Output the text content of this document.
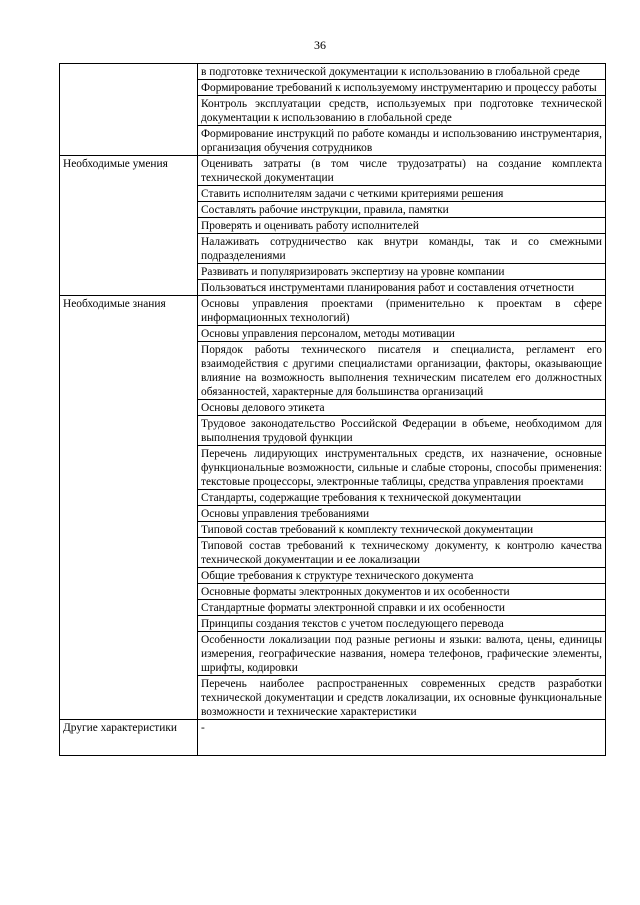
36
	в подготовке технической документации к использованию в глобальной среде
	Формирование требований к используемому инструментарию и процессу работы
	Контроль эксплуатации средств, используемых при подготовке технической документации к использованию в глобальной среде
	Формирование инструкций по работе команды и использованию инструментария, организация обучения сотрудников
Необходимые умения	Оценивать затраты (в том числе трудозатраты) на создание комплекта технической документации
	Ставить исполнителям задачи с четкими критериями решения
	Составлять рабочие инструкции, правила, памятки
	Проверять и оценивать работу исполнителей
	Налаживать сотрудничество как внутри команды, так и со смежными подразделениями
	Развивать и популяризировать экспертизу на уровне компании
	Пользоваться инструментами планирования работ и составления отчетности
Необходимые знания	Основы управления проектами (применительно к проектам в сфере информационных технологий)
	Основы управления персоналом, методы мотивации
	Порядок работы технического писателя и специалиста, регламент его взаимодействия с другими специалистами организации, факторы, оказывающие влияние на возможность выполнения техническим писателем его должностных обязанностей, характерные для большинства организаций
	Основы делового этикета
	Трудовое законодательство Российской Федерации в объеме, необходимом для выполнения трудовой функции
	Перечень лидирующих инструментальных средств, их назначение, основные функциональные возможности, сильные и слабые стороны, способы применения: текстовые процессоры, электронные таблицы, средства управления проектами
	Стандарты, содержащие требования к технической документации
	Основы управления требованиями
	Типовой состав требований к комплекту технической документации
	Типовой состав требований к техническому документу, к контролю качества технической документации и ее локализации
	Общие требования к структуре технического документа
	Основные форматы электронных документов и их особенности
	Стандартные форматы электронной справки и их особенности
	Принципы создания текстов с учетом последующего перевода
	Особенности локализации под разные регионы и языки: валюта, цены, единицы измерения, географические названия, номера телефонов, графические элементы, шрифты, кодировки
	Перечень наиболее распространенных современных средств разработки технической документации и средств локализации, их основные функциональные возможности и технические характеристики
Другие характеристики	-
